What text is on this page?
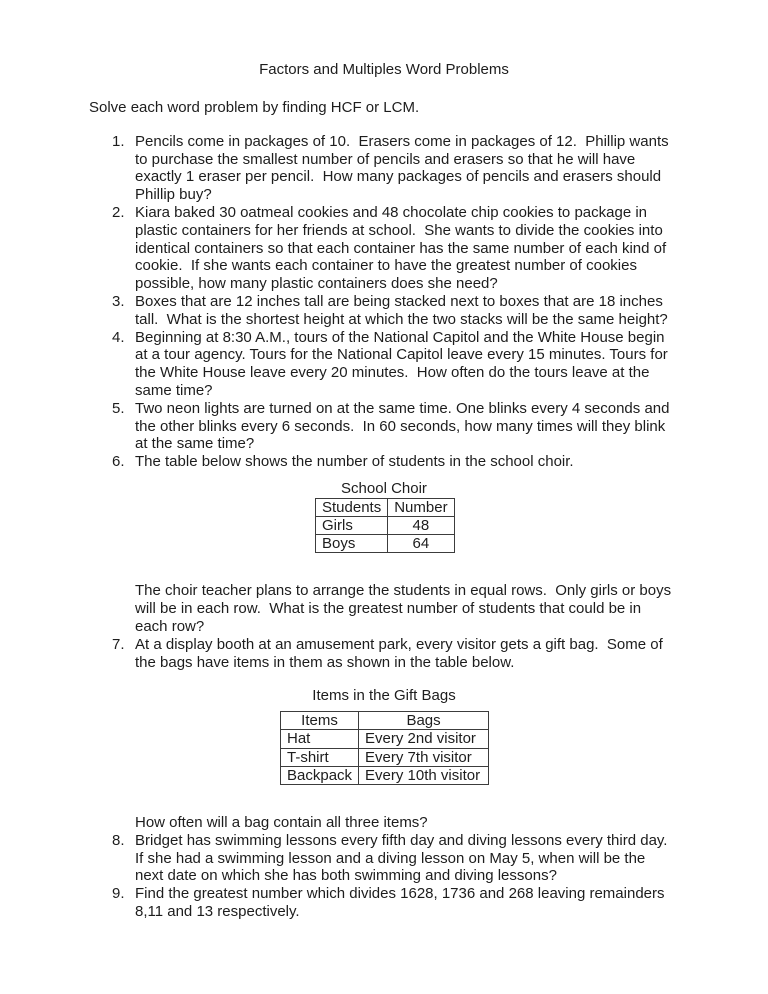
Factors and Multiples Word Problems
Solve each word problem by finding HCF or LCM.
1. Pencils come in packages of 10.  Erasers come in packages of 12.  Phillip wants
to purchase the smallest number of pencils and erasers so that he will have
exactly 1 eraser per pencil.  How many packages of pencils and erasers should
Phillip buy?
2. Kiara baked 30 oatmeal cookies and 48 chocolate chip cookies to package in
plastic containers for her friends at school.  She wants to divide the cookies into
identical containers so that each container has the same number of each kind of
cookie.  If she wants each container to have the greatest number of cookies
possible, how many plastic containers does she need?
3. Boxes that are 12 inches tall are being stacked next to boxes that are 18 inches
tall.  What is the shortest height at which the two stacks will be the same height?
4. Beginning at 8:30 A.M., tours of the National Capitol and the White House begin
at a tour agency. Tours for the National Capitol leave every 15 minutes. Tours for
the White House leave every 20 minutes.  How often do the tours leave at the
same time?
5. Two neon lights are turned on at the same time. One blinks every 4 seconds and
the other blinks every 6 seconds.  In 60 seconds, how many times will they blink
at the same time?
6. The table below shows the number of students in the school choir.
School Choir
Students	Number
Girls	48
Boys	64
The choir teacher plans to arrange the students in equal rows.  Only girls or boys
will be in each row.  What is the greatest number of students that could be in
each row?
7. At a display booth at an amusement park, every visitor gets a gift bag.  Some of
the bags have items in them as shown in the table below.
Items in the Gift Bags
Items	Bags
Hat	Every 2nd visitor
T-shirt	Every 7th visitor
Backpack	Every 10th visitor
How often will a bag contain all three items?
8. Bridget has swimming lessons every fifth day and diving lessons every third day.
If she had a swimming lesson and a diving lesson on May 5, when will be the
next date on which she has both swimming and diving lessons?
9. Find the greatest number which divides 1628, 1736 and 268 leaving remainders
8,11 and 13 respectively.
